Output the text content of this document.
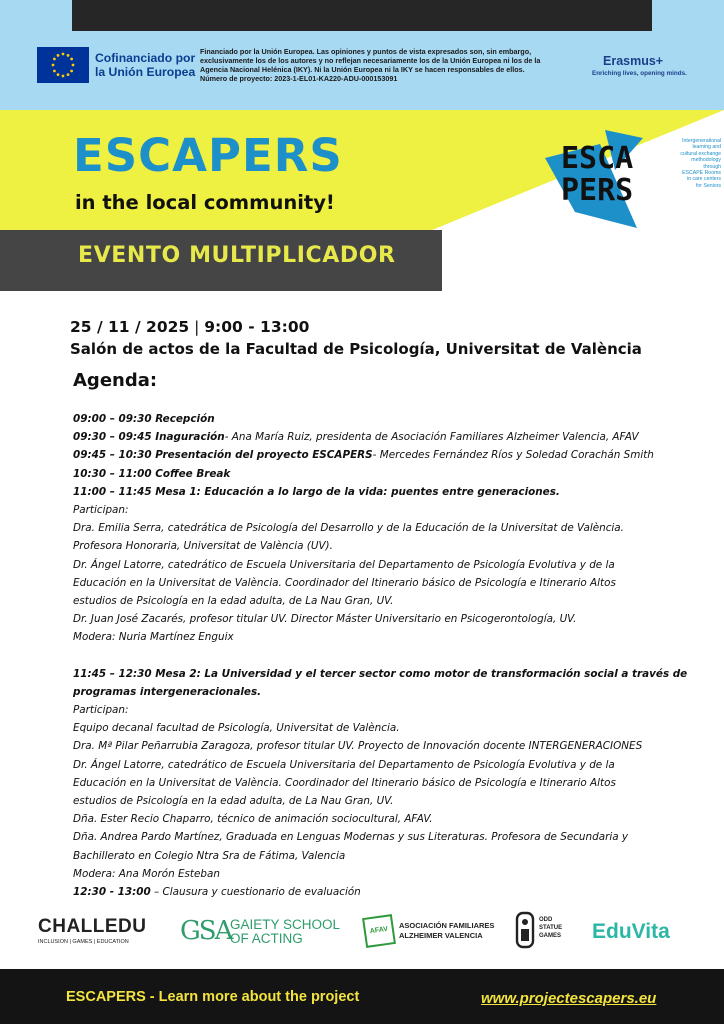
Cofinanciado por
la Unión Europea
Financiado por la Unión Europea. Las opiniones y puntos de vista expresados son, sin embargo,
exclusivamente los de los autores y no reflejan necesariamente los de la Unión Europea ni los de la
Agencia Nacional Helénica (IKY). Ni la Unión Europea ni la IKY se hacen responsables de ellos.
Número de proyecto: 2023-1-EL01-KA220-ADU-000153091
Erasmus+
Enriching lives, opening minds.
ESCAPERS
in the local community!
EVENTO MULTIPLICADOR
ESCA
PERS
Intergenerational
learning and
cultural exchange
methodology
through
ESCAPE Rooms
in care centers
for Seniors
25 / 11 / 2025 | 9:00 - 13:00
Salón de actos de la Facultad de Psicología, Universitat de València
Agenda:
09:00 – 09:30 Recepción
09:30 – 09:45 Inaguración- Ana María Ruiz, presidenta de Asociación Familiares Alzheimer Valencia, AFAV
09:45 – 10:30 Presentación del proyecto ESCAPERS- Mercedes Fernández Ríos y Soledad Corachán Smith
10:30 – 11:00 Coffee Break
11:00 – 11:45 Mesa 1: Educación a lo largo de la vida: puentes entre generaciones.
Participan:
Dra. Emilia Serra, catedrática de Psicología del Desarrollo y de la Educación de la Universitat de València.
Profesora Honoraria, Universitat de València (UV).
Dr. Ángel Latorre, catedrático de Escuela Universitaria del Departamento de Psicología Evolutiva y de la
Educación en la Universitat de València. Coordinador del Itinerario básico de Psicología e Itinerario Altos
estudios de Psicología en la edad adulta, de La Nau Gran, UV.
Dr. Juan José Zacarés, profesor titular UV. Director Máster Universitario en Psicogerontología, UV.
Modera: Nuria Martínez Enguix
11:45 – 12:30 Mesa 2: La Universidad y el tercer sector como motor de transformación social a través de
programas intergeneracionales.
Participan:
Equipo decanal facultad de Psicología, Universitat de València.
Dra. Mª Pilar Peñarrubia Zaragoza, profesor titular UV. Proyecto de Innovación docente INTERGENERACIONES
Dr. Ángel Latorre, catedrático de Escuela Universitaria del Departamento de Psicología Evolutiva y de la
Educación en la Universitat de València. Coordinador del Itinerario básico de Psicología e Itinerario Altos
estudios de Psicología en la edad adulta, de La Nau Gran, UV.
Dña. Ester Recio Chaparro, técnico de animación sociocultural, AFAV.
Dña. Andrea Pardo Martínez, Graduada en Lenguas Modernas y sus Literaturas. Profesora de Secundaria y
Bachillerato en Colegio Ntra Sra de Fátima, Valencia
Modera: Ana Morón Esteban
12:30 - 13:00 – Clausura y cuestionario de evaluación
CHALLEDU
INCLUSION | GAMES | EDUCATION	GSA
GAIETY SCHOOL
OF ACTING
AFAV
ASOCIACIÓN FAMILIARES
ALZHEIMER VALENCIA
ODD
STATUE
GAMES EduVita
ESCAPERS - Learn more about the project	www.projectescapers.eu
